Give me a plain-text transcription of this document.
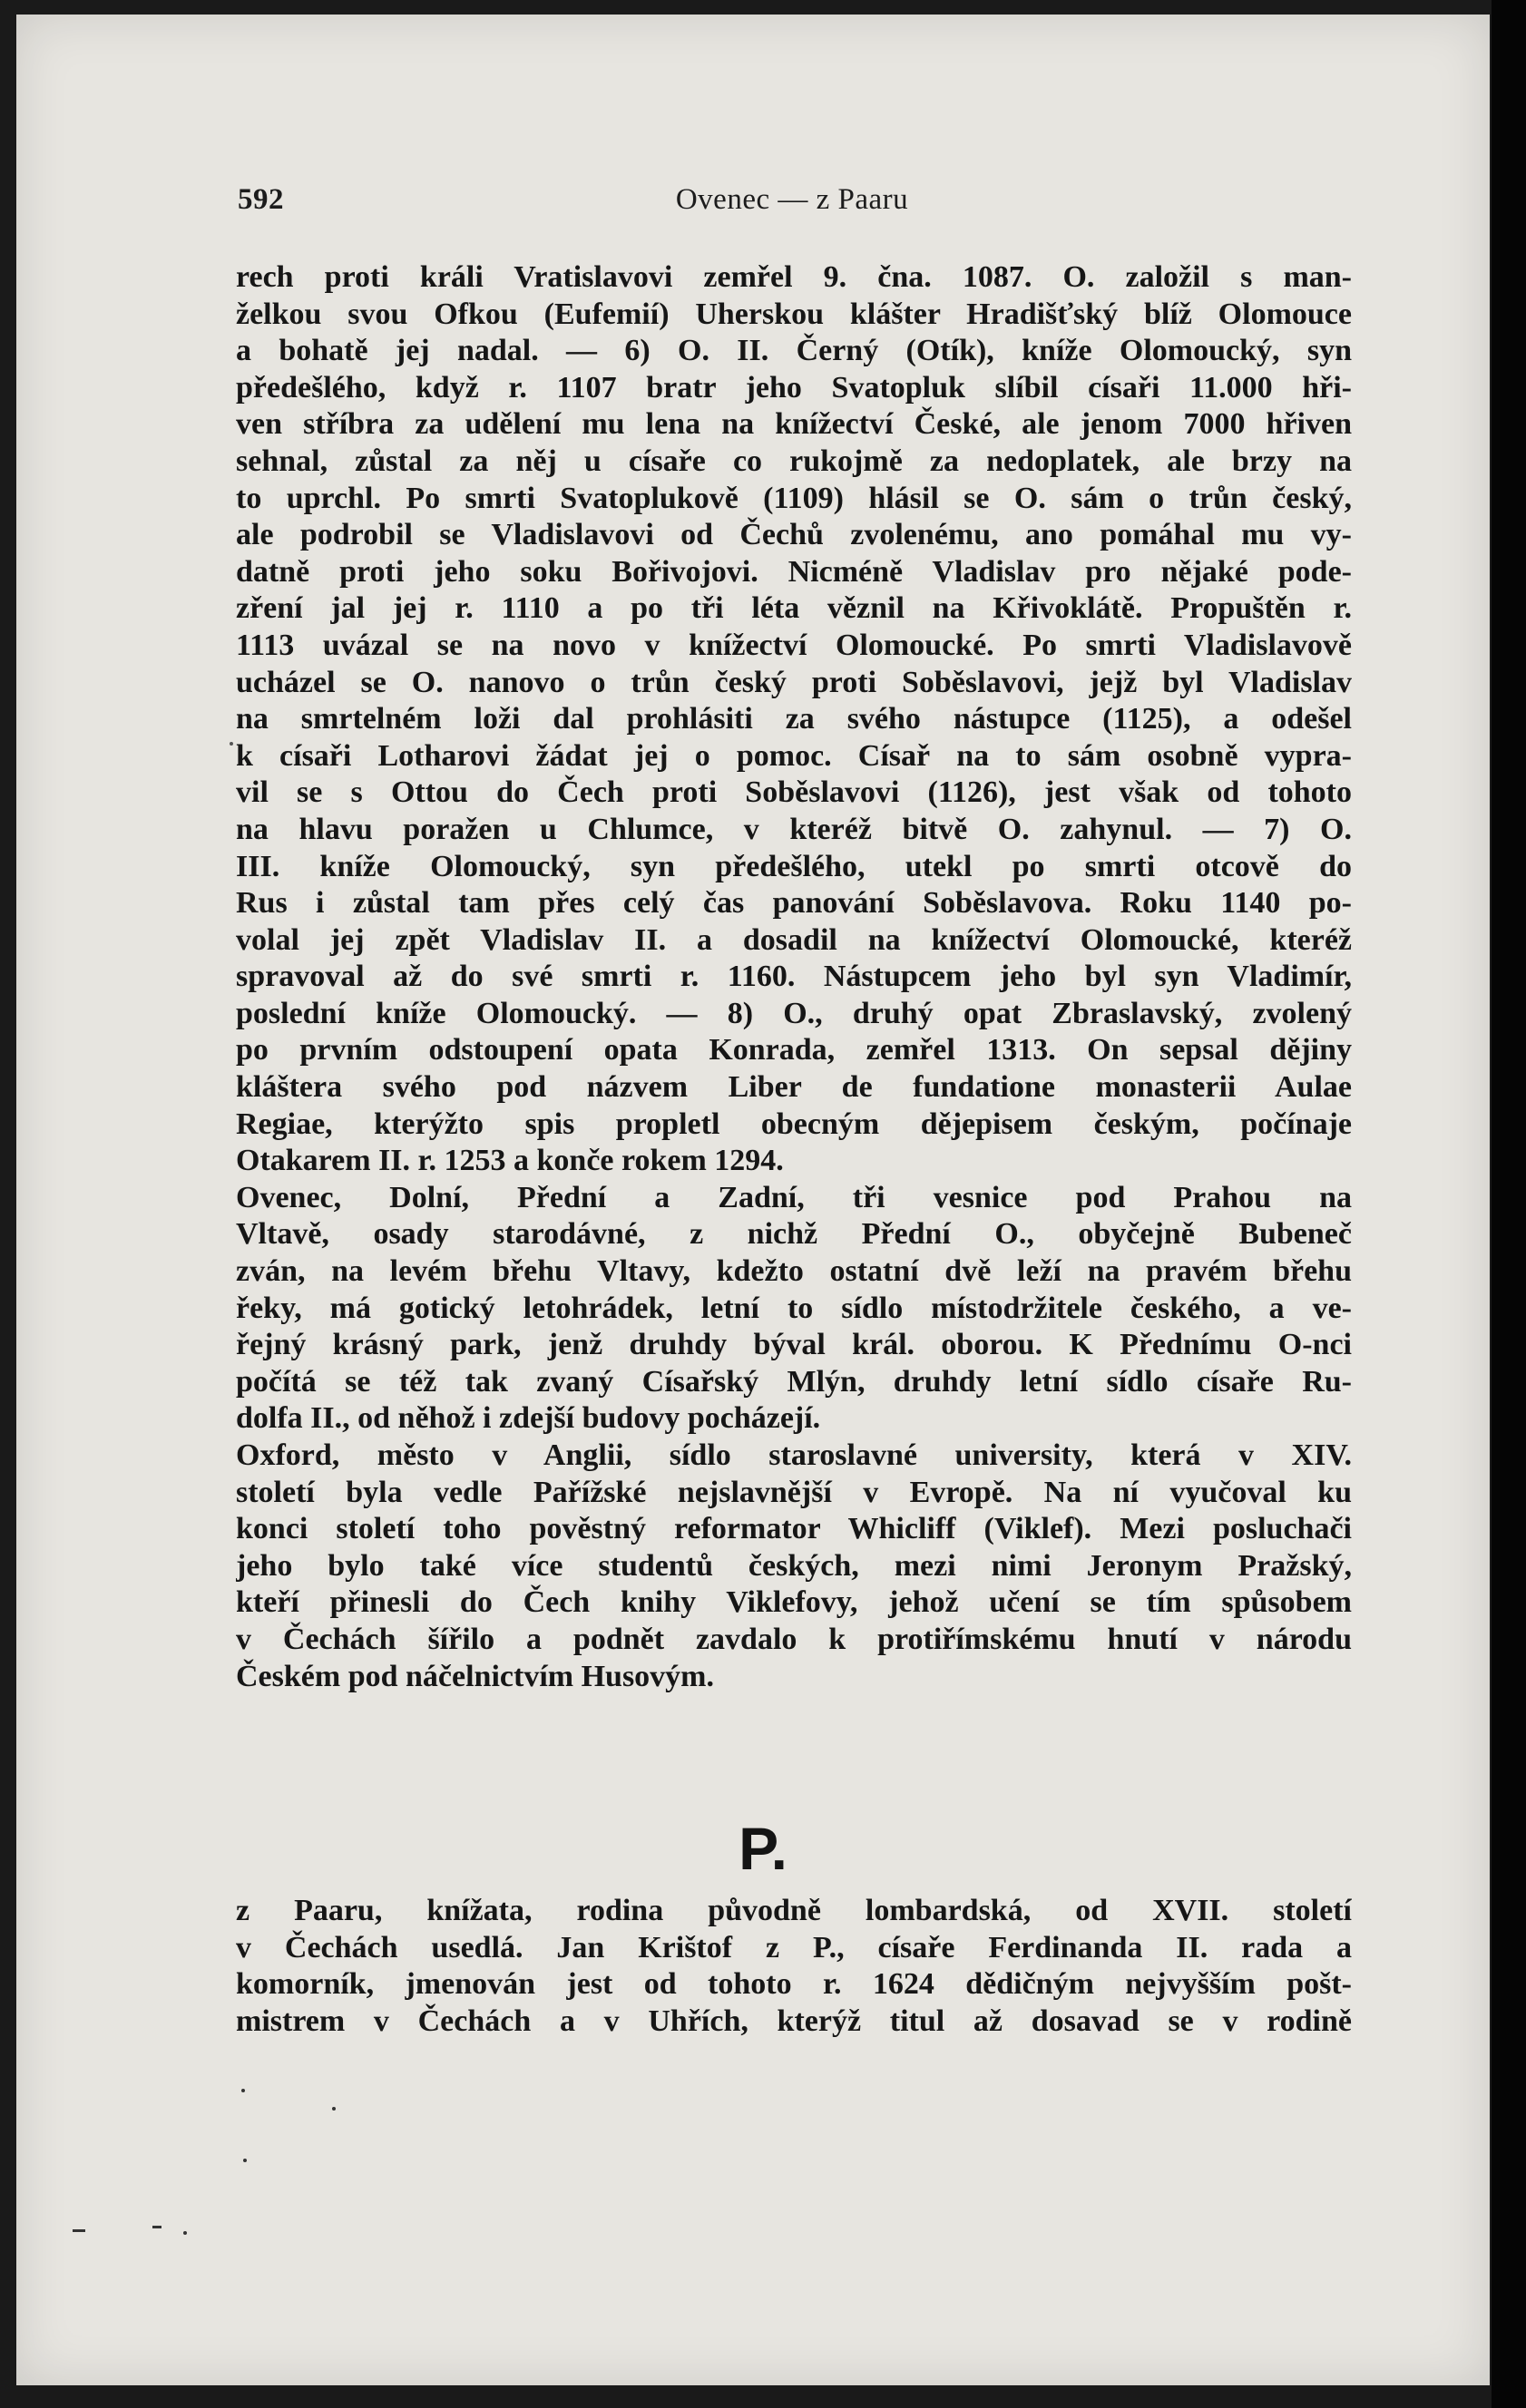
592	Ovenec — z Paaru
rech proti králi Vratislavovi zemřel 9. čna. 1087. O. založil s man-
želkou svou Ofkou (Eufemií) Uherskou klášter Hradišťský blíž Olomouce
a bohatě jej nadal. — 6) O. II. Černý (Otík), kníže Olomoucký, syn
předešlého, když r. 1107 bratr jeho Svatopluk slíbil císaři 11.000 hři-
ven stříbra za udělení mu lena na knížectví České, ale jenom 7000 hřiven
sehnal, zůstal za něj u císaře co rukojmě za nedoplatek, ale brzy na
to uprchl. Po smrti Svatoplukově (1109) hlásil se O. sám o trůn český,
ale podrobil se Vladislavovi od Čechů zvolenému, ano pomáhal mu vy-
datně proti jeho soku Bořivojovi. Nicméně Vladislav pro nějaké pode-
zření jal jej r. 1110 a po tři léta věznil na Křivoklátě. Propuštěn r.
1113 uvázal se na novo v knížectví Olomoucké. Po smrti Vladislavově
ucházel se O. nanovo o trůn český proti Soběslavovi, jejž byl Vladislav
na smrtelném loži dal prohlásiti za svého nástupce (1125), a odešel
k císaři Lotharovi žádat jej o pomoc. Císař na to sám osobně vypra-
vil se s Ottou do Čech proti Soběslavovi (1126), jest však od tohoto
na hlavu poražen u Chlumce, v kteréž bitvě O. zahynul. — 7) O.
III. kníže Olomoucký, syn předešlého, utekl po smrti otcově do
Rus i zůstal tam přes celý čas panování Soběslavova. Roku 1140 po-
volal jej zpět Vladislav II. a dosadil na knížectví Olomoucké, kteréž
spravoval až do své smrti r. 1160. Nástupcem jeho byl syn Vladimír,
poslední kníže Olomoucký. — 8) O., druhý opat Zbraslavský, zvolený
po prvním odstoupení opata Konrada, zemřel 1313. On sepsal dějiny
kláštera svého pod názvem Liber de fundatione monasterii Aulae
Regiae, kterýžto spis propletl obecným dějepisem českým, počínaje
Otakarem II. r. 1253 a konče rokem 1294.
Ovenec, Dolní, Přední a Zadní, tři vesnice pod Prahou na
Vltavě, osady starodávné, z nichž Přední O., obyčejně Bubeneč
zván, na levém břehu Vltavy, kdežto ostatní dvě leží na pravém břehu
řeky, má gotický letohrádek, letní to sídlo místodržitele českého, a ve-
řejný krásný park, jenž druhdy býval král. oborou. K Přednímu O-nci
počítá se též tak zvaný Císařský Mlýn, druhdy letní sídlo císaře Ru-
dolfa II., od něhož i zdejší budovy pocházejí.
Oxford, město v Anglii, sídlo staroslavné university, která v XIV.
století byla vedle Pařížské nejslavnější v Evropě. Na ní vyučoval ku
konci století toho pověstný reformator Whicliff (Viklef). Mezi posluchači
jeho bylo také více studentů českých, mezi nimi Jeronym Pražský,
kteří přinesli do Čech knihy Viklefovy, jehož učení se tím spůsobem
v Čechách šířilo a podnět zavdalo k protiřímskému hnutí v národu
Českém pod náčelnictvím Husovým.
P.
z Paaru, knížata, rodina původně lombardská, od XVII. století
v Čechách usedlá. Jan Krištof z P., císaře Ferdinanda II. rada a
komorník, jmenován jest od tohoto r. 1624 dědičným nejvyšším pošt-
mistrem v Čechách a v Uhřích, kterýž titul až dosavad se v rodině
